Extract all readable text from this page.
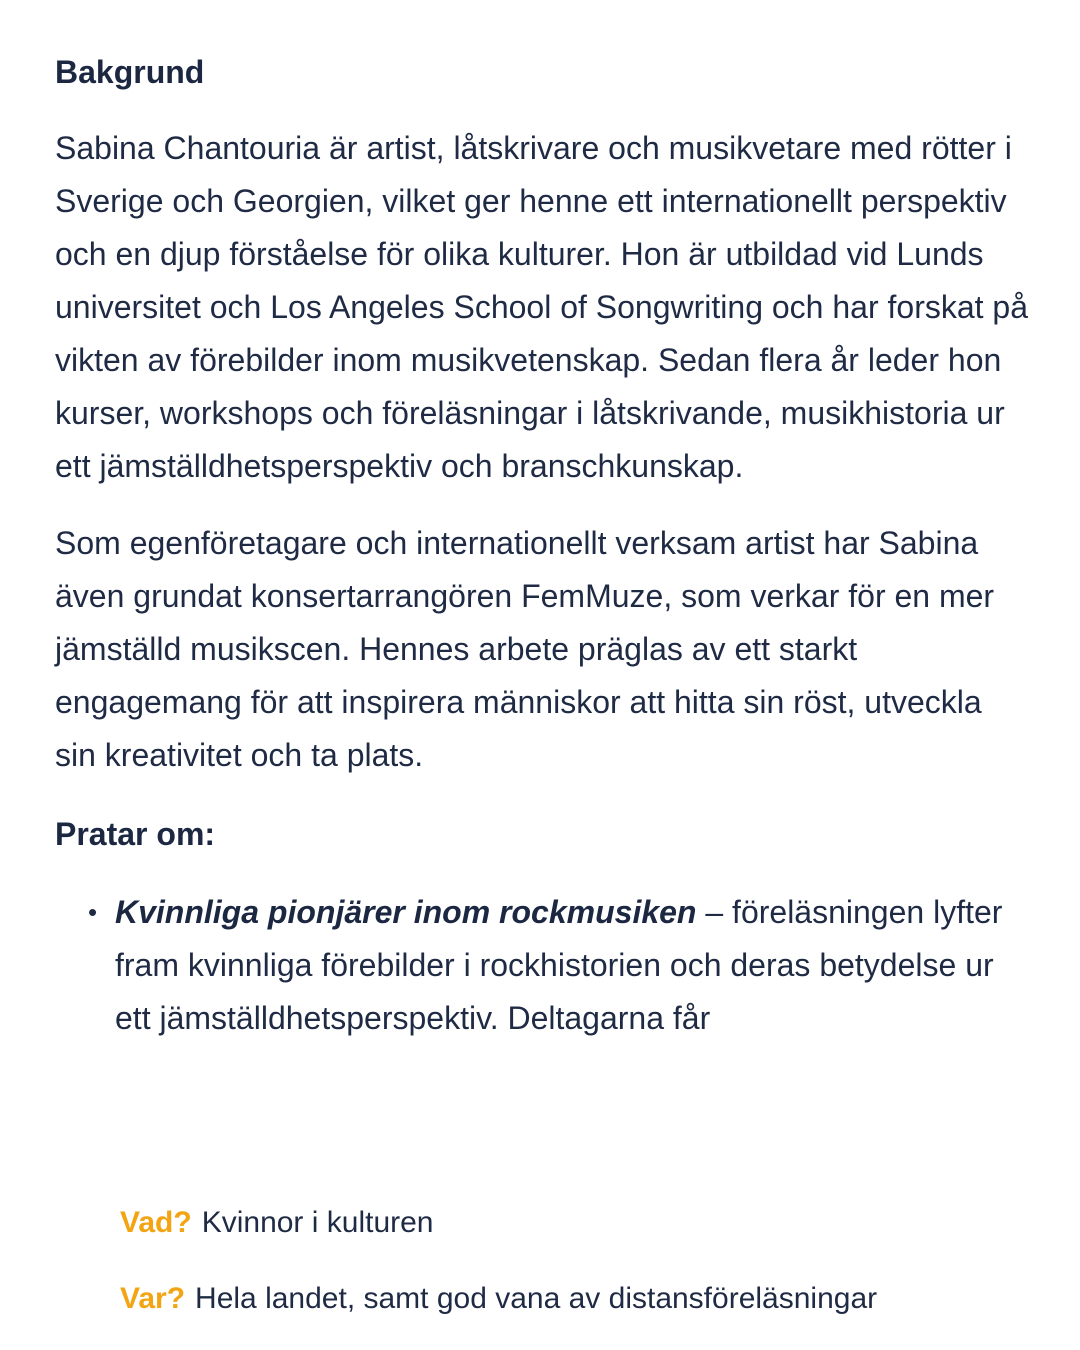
Bakgrund

Sabina Chantouria är artist, låtskrivare och musikvetare med rötter i Sverige och Georgien, vilket ger henne ett internationellt perspektiv och en djup förståelse för olika kulturer. Hon är utbildad vid Lunds universitet och Los Angeles School of Songwriting och har forskat på vikten av förebilder inom musikvetenskap. Sedan flera år leder hon kurser, workshops och föreläsningar i låtskrivande, musikhistoria ur ett jämställdhetsperspektiv och branschkunskap.

Som egenföretagare och internationellt verksam artist har Sabina även grundat konsertarrangören FemMuze, som verkar för en mer jämställd musikscen. Hennes arbete präglas av ett starkt engagemang för att inspirera människor att hitta sin röst, utveckla sin kreativitet och ta plats.

Pratar om:
• Kvinnliga pionjärer inom rockmusiken – föreläsningen lyfter fram kvinnliga förebilder i rockhistorien och deras betydelse ur ett jämställdhetsperspektiv. Deltagarna får
Vad? Kvinnor i kulturen
Var? Hela landet, samt god vana av distansföreläsningar
